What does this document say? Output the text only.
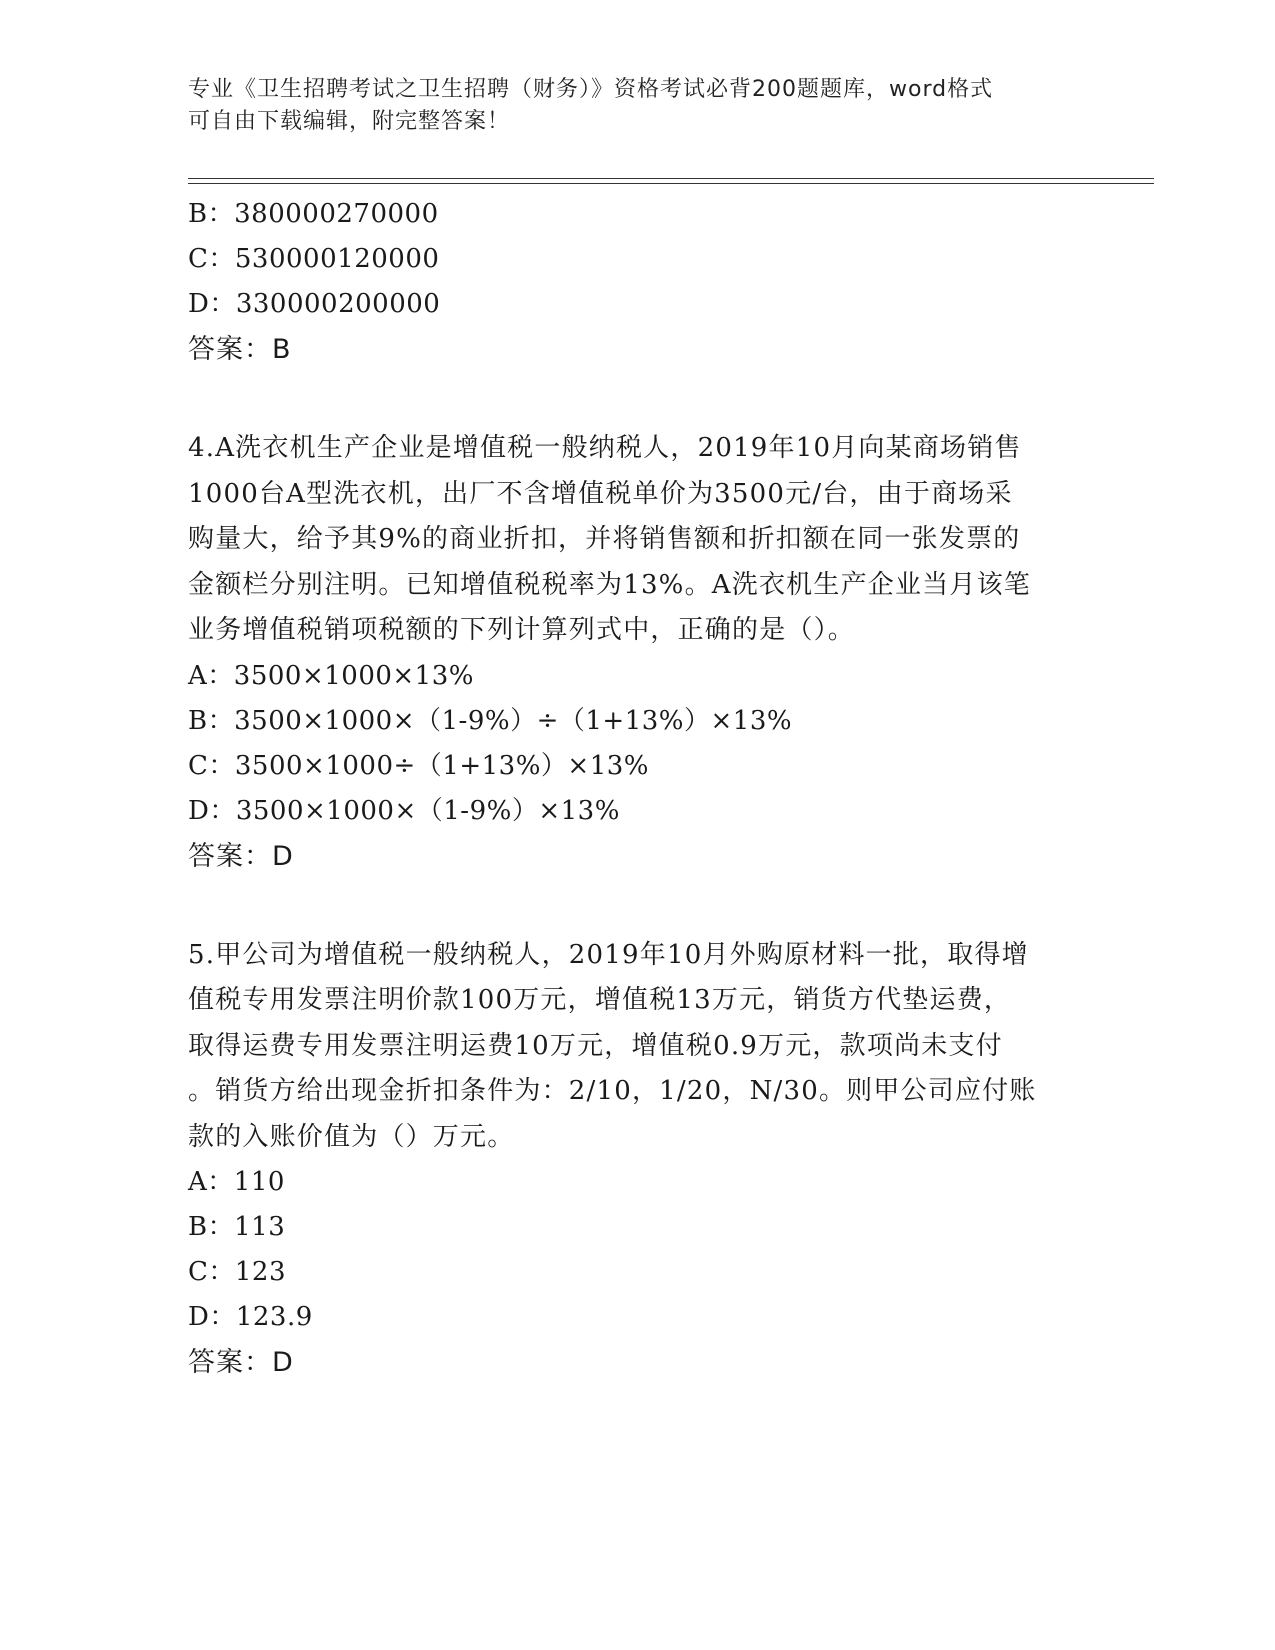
专业《卫生招聘考试之卫生招聘（财务）》资格考试必背200题题库，word格式
可自由下载编辑，附完整答案！
B：380000270000
C：530000120000
D：330000200000
答案：B
4.A洗衣机生产企业是增值税一般纳税人，2019年10月向某商场销售
1000台A型洗衣机，出厂不含增值税单价为3500元/台，由于商场采
购量大，给予其9%的商业折扣，并将销售额和折扣额在同一张发票的
金额栏分别注明。已知增值税税率为13%。A洗衣机生产企业当月该笔
业务增值税销项税额的下列计算列式中，正确的是（）。
A：3500×1000×13%
B：3500×1000×（1-9%）÷（1+13%）×13%
C：3500×1000÷（1+13%）×13%
D：3500×1000×（1-9%）×13%
答案：D
5.甲公司为增值税一般纳税人，2019年10月外购原材料一批，取得增
值税专用发票注明价款100万元，增值税13万元，销货方代垫运费，
取得运费专用发票注明运费10万元，增值税0.9万元，款项尚未支付
。销货方给出现金折扣条件为：2/10，1/20，N/30。则甲公司应付账
款的入账价值为（）万元。
A：110
B：113
C：123
D：123.9
答案：D
